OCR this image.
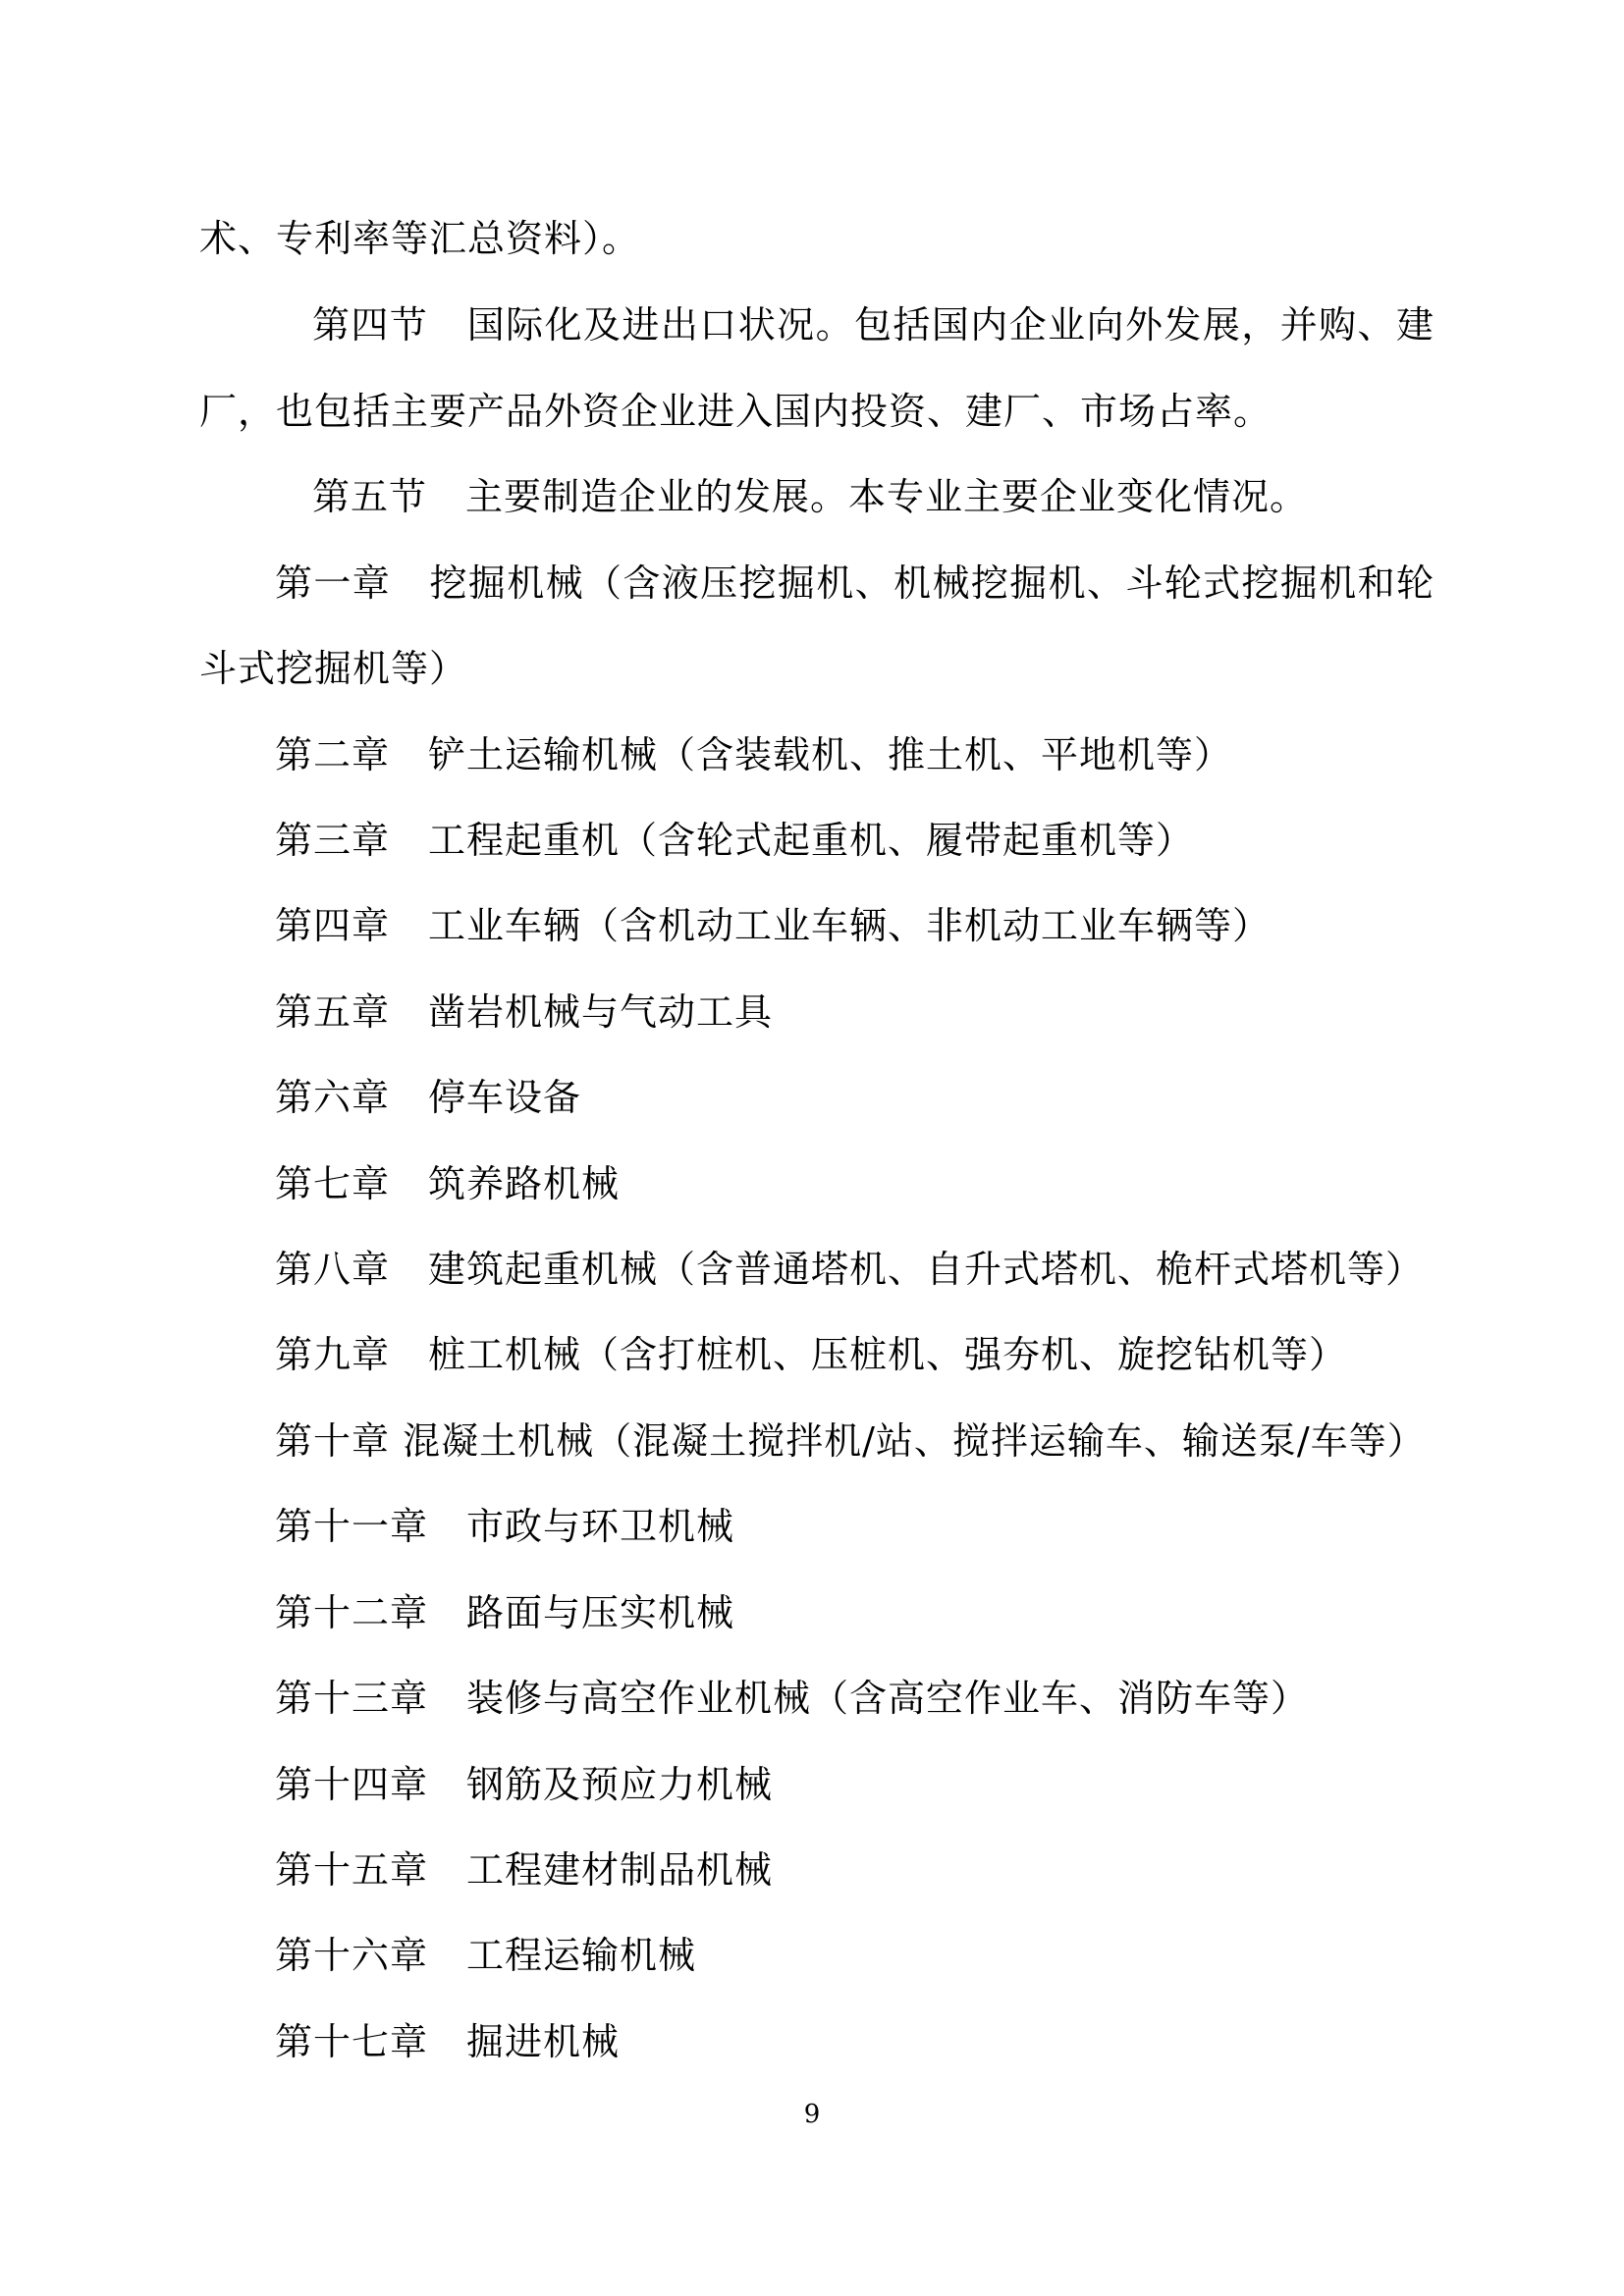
术、专利率等汇总资料）。
第四节　国际化及进出口状况。包括国内企业向外发展，并购、建
厂，也包括主要产品外资企业进入国内投资、建厂、市场占率。
第五节　主要制造企业的发展。本专业主要企业变化情况。
第一章　挖掘机械（含液压挖掘机、机械挖掘机、斗轮式挖掘机和轮
斗式挖掘机等）
第二章　铲土运输机械（含装载机、推土机、平地机等）
第三章　工程起重机（含轮式起重机、履带起重机等）
第四章　工业车辆（含机动工业车辆、非机动工业车辆等）
第五章　凿岩机械与气动工具
第六章　停车设备
第七章　筑养路机械
第八章　建筑起重机械（含普通塔机、自升式塔机、桅杆式塔机等）
第九章　桩工机械（含打桩机、压桩机、强夯机、旋挖钻机等）
第十章 混凝土机械（混凝土搅拌机/站、搅拌运输车、输送泵/车等）
第十一章　市政与环卫机械
第十二章　路面与压实机械
第十三章　装修与高空作业机械（含高空作业车、消防车等）
第十四章　钢筋及预应力机械
第十五章　工程建材制品机械
第十六章　工程运输机械
第十七章　掘进机械
9
